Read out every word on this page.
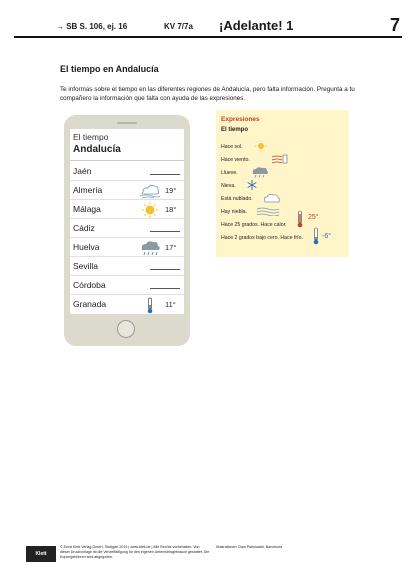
→ SB S. 106, ej. 16	KV 7/7a ¡Adelante! 1	7
El tiempo en Andalucía
Te informas sobre el tiempo en las diferentes regiones de Andalucía, pero falta información. Pregunta a tu compañero la información que falta con ayuda de las expresiones.
El tiempo
Andalucía
Jaén
Almería	19°
Málaga	18°
Cádiz
Huelva	17°
Sevilla
Córdoba
Granada	11°
Expresiones
El tiempo
Hace sol.
Hace viento.
Llueve.
Nieva.
Está nublado.
Hay niebla.
Hace 25 grados. Hace calor.
25°
Hace 2 grados bajo cero. Hace frío.	-6°
Klett
© Ernst Klett Verlag GmbH, Stuttgart 2019 | www.klett.de | Alle Rechte vorbehalten. Von dieser Druckvorlage ist die Vervielfältigung für den eigenen Unterrichtsgebrauch gestattet. Die Kopiergebühren sind abgegolten.
Illustrationen: Dani Palmowski, Barcelona
